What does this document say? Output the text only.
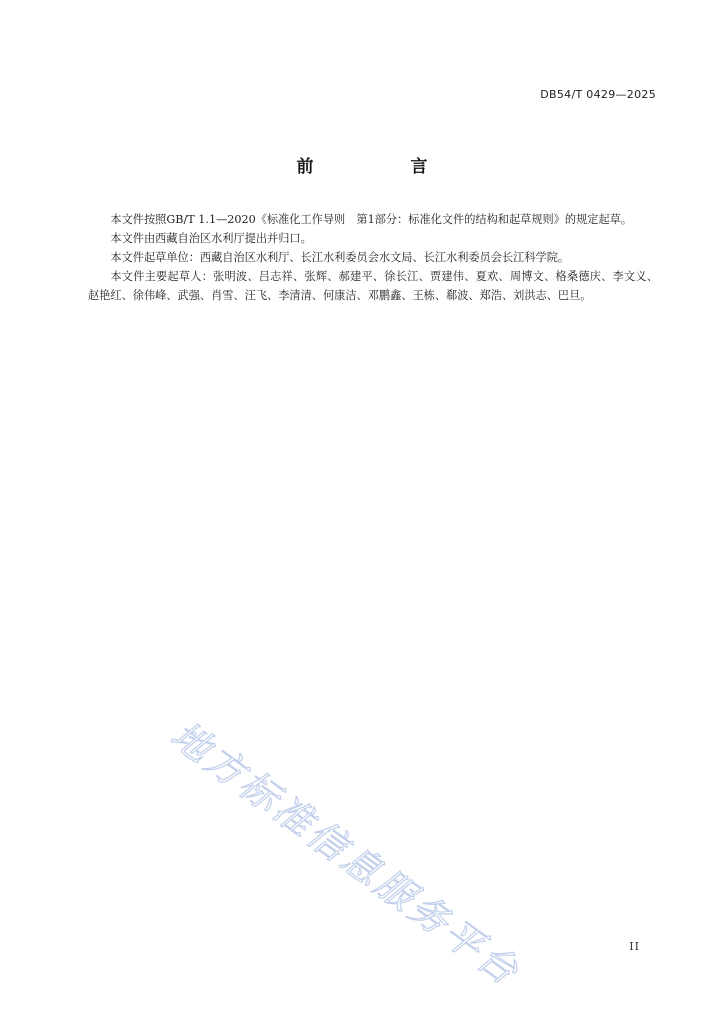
DB54/T 0429—2025
前　言

本文件按照GB/T 1.1—2020《标准化工作导则　第1部分：标准化文件的结构和起草规则》的规定起草。

本文件由西藏自治区水利厅提出并归口。

本文件起草单位：西藏自治区水利厅、长江水利委员会水文局、长江水利委员会长江科学院。

本文件主要起草人：张明波、吕志祥、张辉、郝建平、徐长江、贾建伟、夏欢、周博文、格桑德庆、李文义、赵艳红、徐伟峰、武强、肖雪、汪飞、李清清、何康洁、邓鹏鑫、王栋、郗波、郑浩、刘洪志、巴旦。

地方标准信息服务平台	II
